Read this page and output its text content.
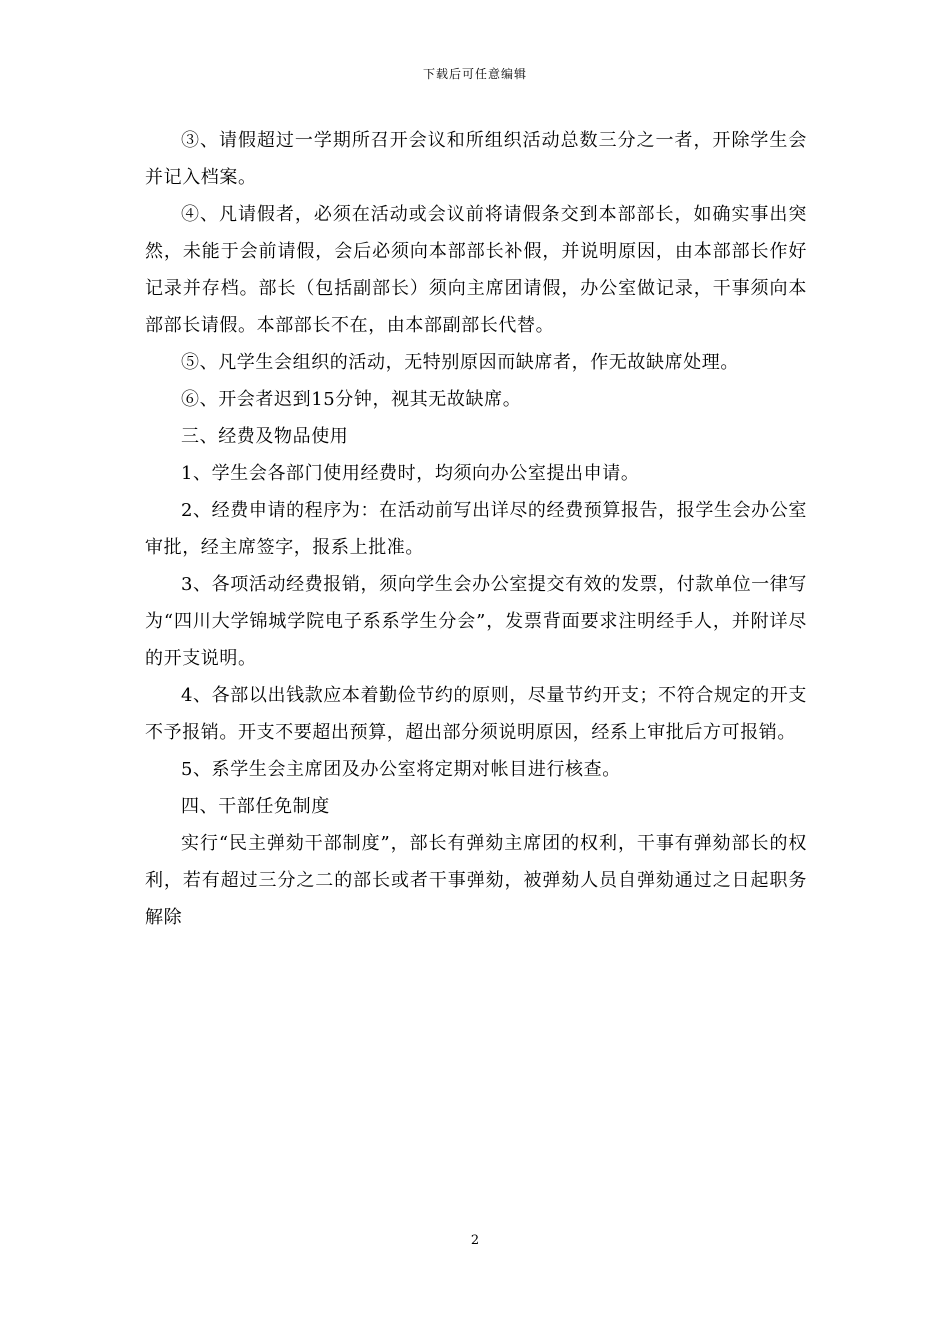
下载后可任意编辑

③、请假超过一学期所召开会议和所组织活动总数三分之一者，开除学生会并记入档案。

④、凡请假者，必须在活动或会议前将请假条交到本部部长，如确实事出突然，未能于会前请假，会后必须向本部部长补假，并说明原因，由本部部长作好记录并存档。部长（包括副部长）须向主席团请假，办公室做记录，干事须向本部部长请假。本部部长不在，由本部副部长代替。

⑤、凡学生会组织的活动，无特别原因而缺席者，作无故缺席处理。

⑥、开会者迟到15分钟，视其无故缺席。

三、经费及物品使用

1、学生会各部门使用经费时，均须向办公室提出申请。

2、经费申请的程序为：在活动前写出详尽的经费预算报告，报学生会办公室审批，经主席签字，报系上批准。

3、各项活动经费报销，须向学生会办公室提交有效的发票，付款单位一律写为“四川大学锦城学院电子系系学生分会”，发票背面要求注明经手人，并附详尽的开支说明。

4、各部以出钱款应本着勤俭节约的原则，尽量节约开支；不符合规定的开支不予报销。开支不要超出预算，超出部分须说明原因，经系上审批后方可报销。

5、系学生会主席团及办公室将定期对帐目进行核查。

四、干部任免制度

实行“民主弹劾干部制度”，部长有弹劾主席团的权利，干事有弹劾部长的权利，若有超过三分之二的部长或者干事弹劾，被弹劾人员自弹劾通过之日起职务解除

2
